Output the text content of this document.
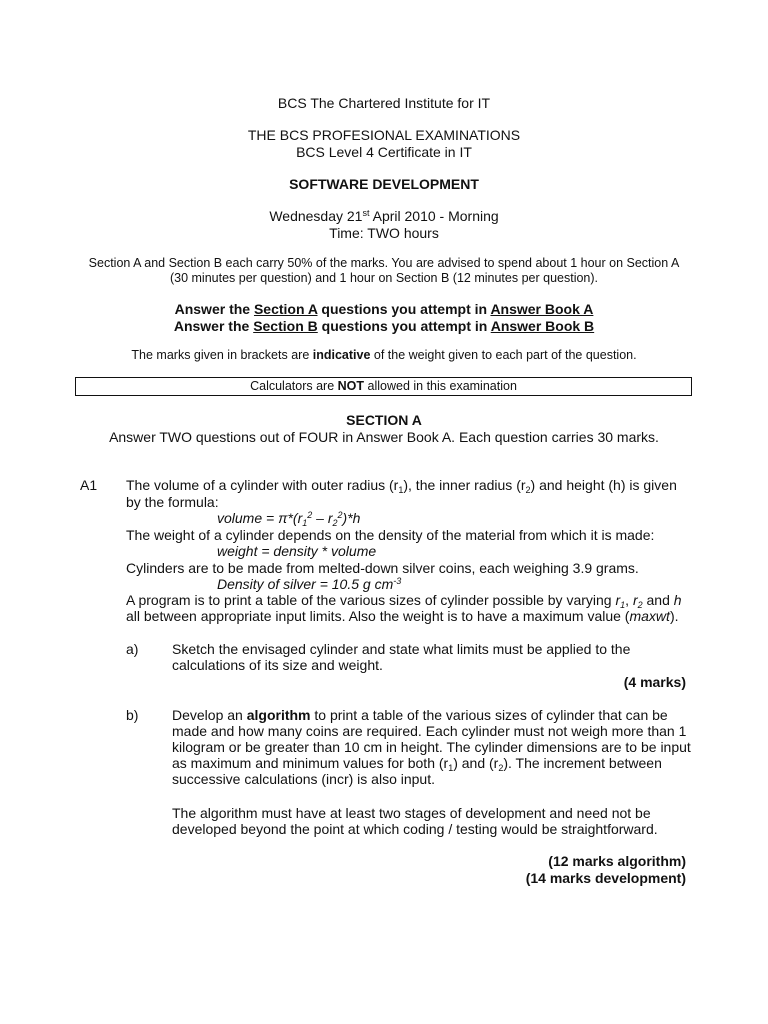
BCS The Chartered Institute for IT
THE BCS PROFESIONAL EXAMINATIONS
BCS Level 4 Certificate in IT
SOFTWARE DEVELOPMENT
Wednesday 21st April 2010 - Morning
Time: TWO hours
Section A and Section B each carry 50% of the marks. You are advised to spend about 1 hour on Section A
(30 minutes per question) and 1 hour on Section B (12 minutes per question).
Answer the Section A questions you attempt in Answer Book A
Answer the Section B questions you attempt in Answer Book B
The marks given in brackets are indicative of the weight given to each part of the question.
Calculators are NOT allowed in this examination
SECTION A
Answer TWO questions out of FOUR in Answer Book A. Each question carries 30 marks.
A1 The volume of a cylinder with outer radius $(r_1)$, the inner radius $(r_2)$ and height (h) is given
by the formula:
volume = $\pi*(r_1^2 - r_2^2)*h$
The weight of a cylinder depends on the density of the material from which it is made:
weight = density * volume
Cylinders are to be made from melted-down silver coins, each weighing 3.9 grams.
Density of silver = 10.5 g $cm^{-3}$
A program is to print a table of the various sizes of cylinder possible by varying $r_1$, $r_2$ and h
all between appropriate input limits. Also the weight is to have a maximum value (maxwt).
a) Sketch the envisaged cylinder and state what limits must be applied to the
calculations of its size and weight.
(4 marks)
b) Develop an algorithm to print a table of the various sizes of cylinder that can be
made and how many coins are required. Each cylinder must not weigh more than 1
kilogram or be greater than 10 cm in height. The cylinder dimensions are to be input
as maximum and minimum values for both $(r_1)$ and $(r_2)$. The increment between
successive calculations (incr) is also input.
The algorithm must have at least two stages of development and need not be
developed beyond the point at which coding / testing would be straightforward.
(12 marks algorithm)
(14 marks development)
